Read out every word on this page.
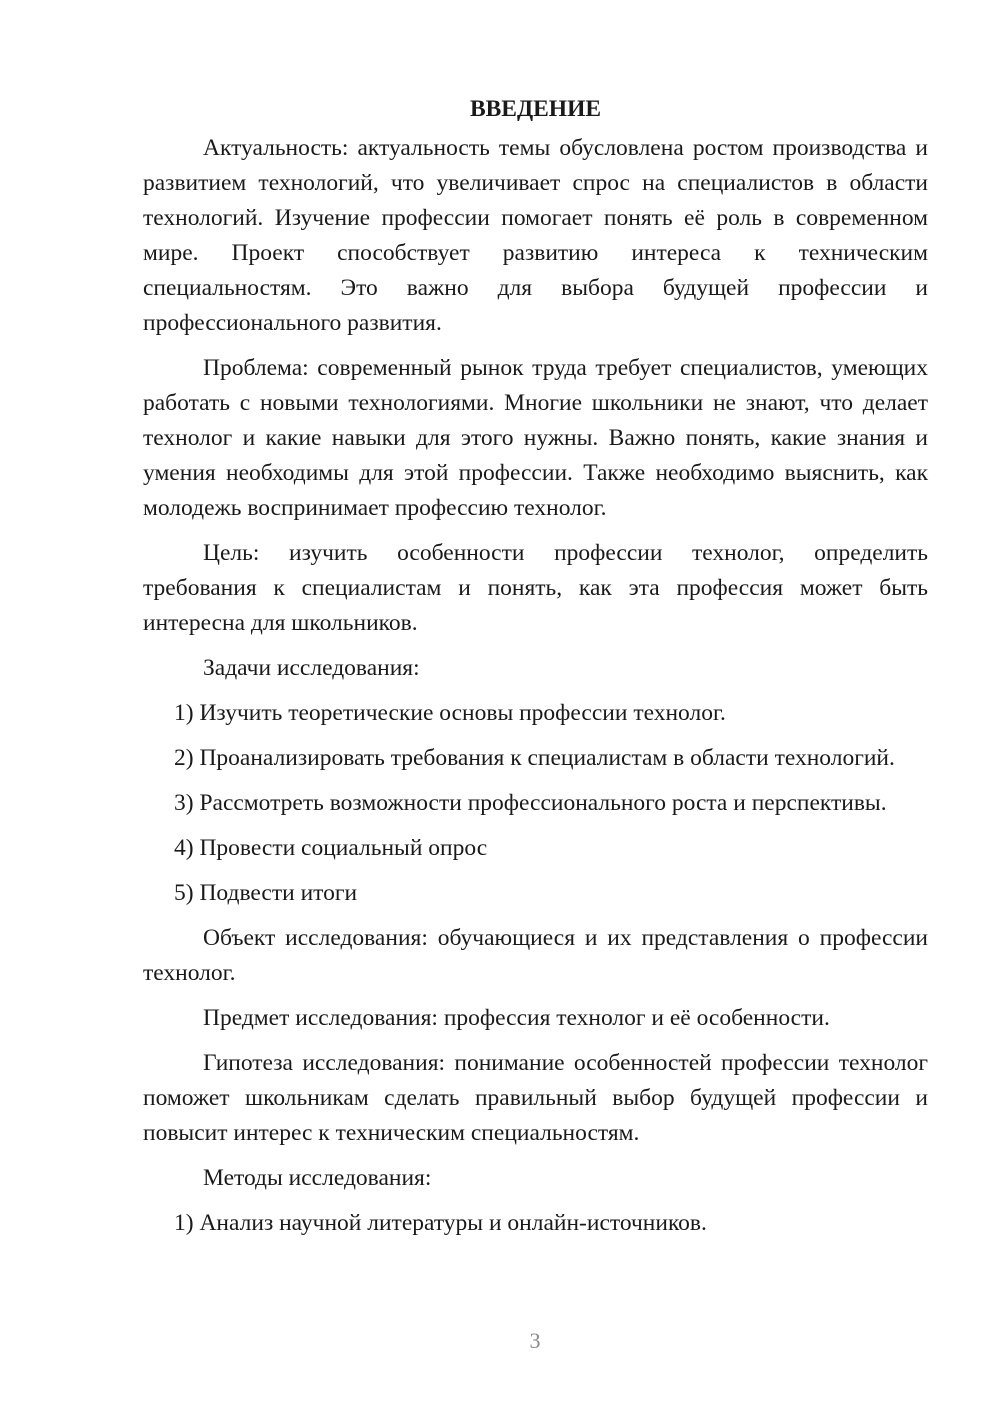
ВВЕДЕНИЕ

Актуальность: актуальность темы обусловлена ростом производства и развитием технологий, что увеличивает спрос на специалистов в области технологий. Изучение профессии помогает понять её роль в современном мире. Проект способствует развитию интереса к техническим специальностям. Это важно для выбора будущей профессии и профессионального развития.

Проблема: современный рынок труда требует специалистов, умеющих работать с новыми технологиями. Многие школьники не знают, что делает технолог и какие навыки для этого нужны. Важно понять, какие знания и умения необходимы для этой профессии. Также необходимо выяснить, как молодежь воспринимает профессию технолог.

Цель: изучить особенности профессии технолог, определить требования к специалистам и понять, как эта профессия может быть интересна для школьников.

Задачи исследования:

1) Изучить теоретические основы профессии технолог.

2) Проанализировать требования к специалистам в области технологий.

3) Рассмотреть возможности профессионального роста и перспективы.

4) Провести социальный опрос

5) Подвести итоги

Объект исследования: обучающиеся и их представления о профессии технолог.

Предмет исследования: профессия технолог и её особенности.

Гипотеза исследования: понимание особенностей профессии технолог поможет школьникам сделать правильный выбор будущей профессии и повысит интерес к техническим специальностям.

Методы исследования:

1) Анализ научной литературы и онлайн-источников.

3
